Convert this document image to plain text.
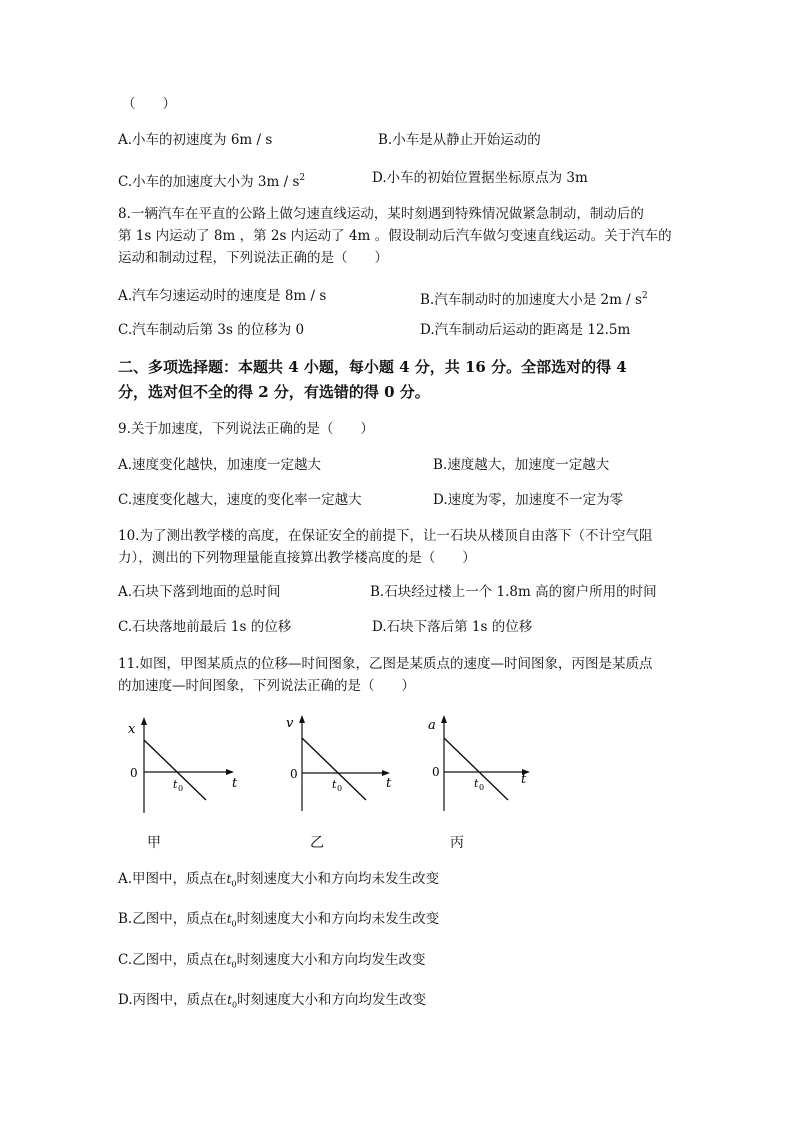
（　　）
A.小车的初速度为 6m / s	B.小车是从静止开始运动的
C.小车的加速度大小为 $3m / s^2$	D.小车的初始位置据坐标原点为 3m
8.一辆汽车在平直的公路上做匀速直线运动，某时刻遇到特殊情况做紧急制动，制动后的
第 1s 内运动了 8m ，第 2s 内运动了 4m 。假设制动后汽车做匀变速直线运动。关于汽车的
运动和制动过程，下列说法正确的是（　　）
A.汽车匀速运动时的速度是 8m / s	B.汽车制动时的加速度大小是 $2m / s^2$
C.汽车制动后第 3s 的位移为 0	D.汽车制动后运动的距离是 12.5m
二、多项选择题：本题共 4 小题，每小题 4 分，共 16 分。全部选对的得 4
分，选对但不全的得 2 分，有选错的得 0 分。
9.关于加速度，下列说法正确的是（　　）
A.速度变化越快，加速度一定越大	B.速度越大，加速度一定越大
C.速度变化越大，速度的变化率一定越大	D.速度为零，加速度不一定为零
10.为了测出教学楼的高度，在保证安全的前提下，让一石块从楼顶自由落下（不计空气阻
力），测出的下列物理量能直接算出教学楼高度的是（　　）
A.石块下落到地面的总时间	B.石块经过楼上一个 1.8m 高的窗户所用的时间
C.石块落地前最后 1s 的位移	D.石块下落后第 1s 的位移
11.如图，甲图某质点的位移—时间图象，乙图是某质点的速度—时间图象，丙图是某质点
的加速度—时间图象，下列说法正确的是（　　）
x
0
t
t 0
v
0
t
t 0
a
0	t
t 0
甲	乙	丙
A.甲图中，质点在$t_0$时刻速度大小和方向均未发生改变
B.乙图中，质点在$t_0$时刻速度大小和方向均未发生改变
C.乙图中，质点在$t_0$时刻速度大小和方向均发生改变
D.丙图中，质点在$t_0$时刻速度大小和方向均发生改变
